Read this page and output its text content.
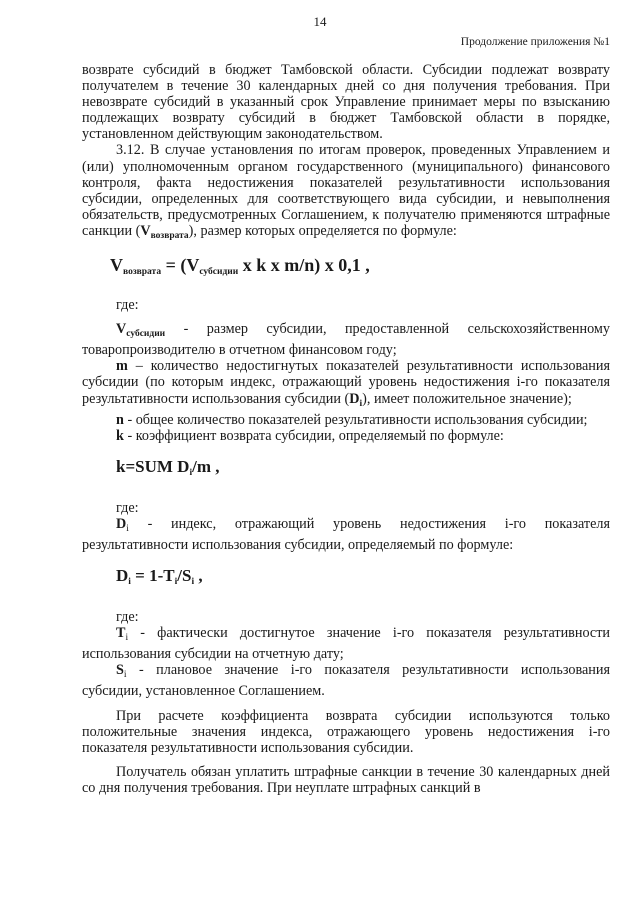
14
Продолжение приложения №1

возврате субсидий в бюджет Тамбовской области. Субсидии подлежат возврату получателем в течение 30 календарных дней со дня получения требования. При невозврате субсидий в указанный срок Управление принимает меры по взысканию подлежащих возврату субсидий в бюджет Тамбовской области в порядке, установленном действующим законодательством.

3.12. В случае установления по итогам проверок, проведенных Управлением и (или) уполномоченным органом государственного (муниципального) финансового контроля, факта недостижения показателей результативности использования субсидии, определенных для соответствующего вида субсидии, и невыполнения обязательств, предусмотренных Соглашением, к получателю применяются штрафные санкции $(V_{возврата})$, размер которых определяется по формуле:

$V_{возврата} = (V_{субсидии}$ x k x m/n) x 0,1 ,

где:

$V_{субсидии}$ - размер субсидии, предоставленной сельскохозяйственному товаропроизводителю в отчетном финансовом году;

m – количество недостигнутых показателей результативности использования субсидии (по которым индекс, отражающий уровень недостижения i-го показателя результативности использования субсидии $(D_i)$, имеет положительное значение);

n - общее количество показателей результативности использования субсидии;

k - коэффициент возврата субсидии, определяемый по формуле:

k=SUM $D_i/m$ ,

где:

$D_i$ - индекс, отражающий уровень недостижения i-го показателя результативности использования субсидии, определяемый по формуле:

$D_i = 1-T_i/S_i$ ,

где:

$T_i$ - фактически достигнутое значение i-го показателя результативности использования субсидии на отчетную дату;

$S_i$ - плановое значение i-го показателя результативности использования субсидии, установленное Соглашением.

При расчете коэффициента возврата субсидии используются только положительные значения индекса, отражающего уровень недостижения i-го показателя результативности использования субсидии.

Получатель обязан уплатить штрафные санкции в течение 30 календарных дней со дня получения требования. При неуплате штрафных санкций в
